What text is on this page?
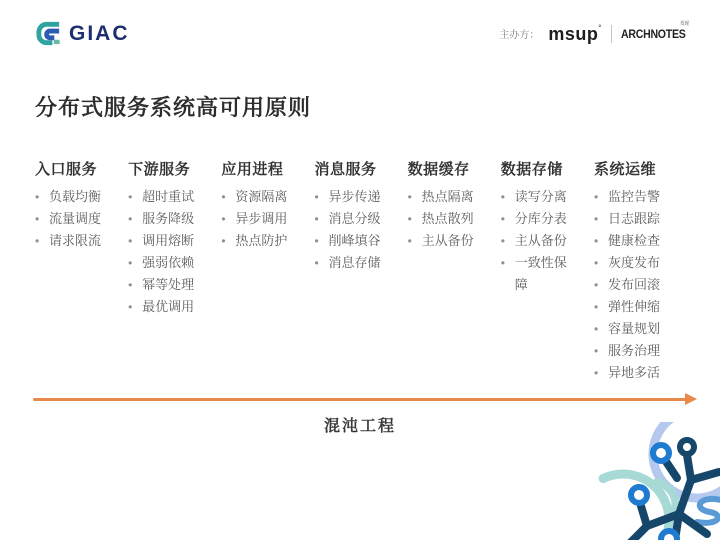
GIAC	主办方： msup° ARCHNOTES
发现
分布式服务系统高可用原则
入口服务
• 负载均衡
• 流量调度
• 请求限流
下游服务
• 超时重试
• 服务降级
• 调用熔断
• 强弱依赖
• 幂等处理
• 最优调用
应用进程
• 资源隔离
• 异步调用
• 热点防护
消息服务
• 异步传递
• 消息分级
• 削峰填谷
• 消息存储
数据缓存
• 热点隔离
• 热点散列
• 主从备份
数据存储
• 读写分离
• 分库分表
• 主从备份
• 一致性保障
系统运维
• 监控告警
• 日志跟踪
• 健康检查
• 灰度发布
• 发布回滚
• 弹性伸缩
• 容量规划
• 服务治理
• 异地多活
混沌工程
